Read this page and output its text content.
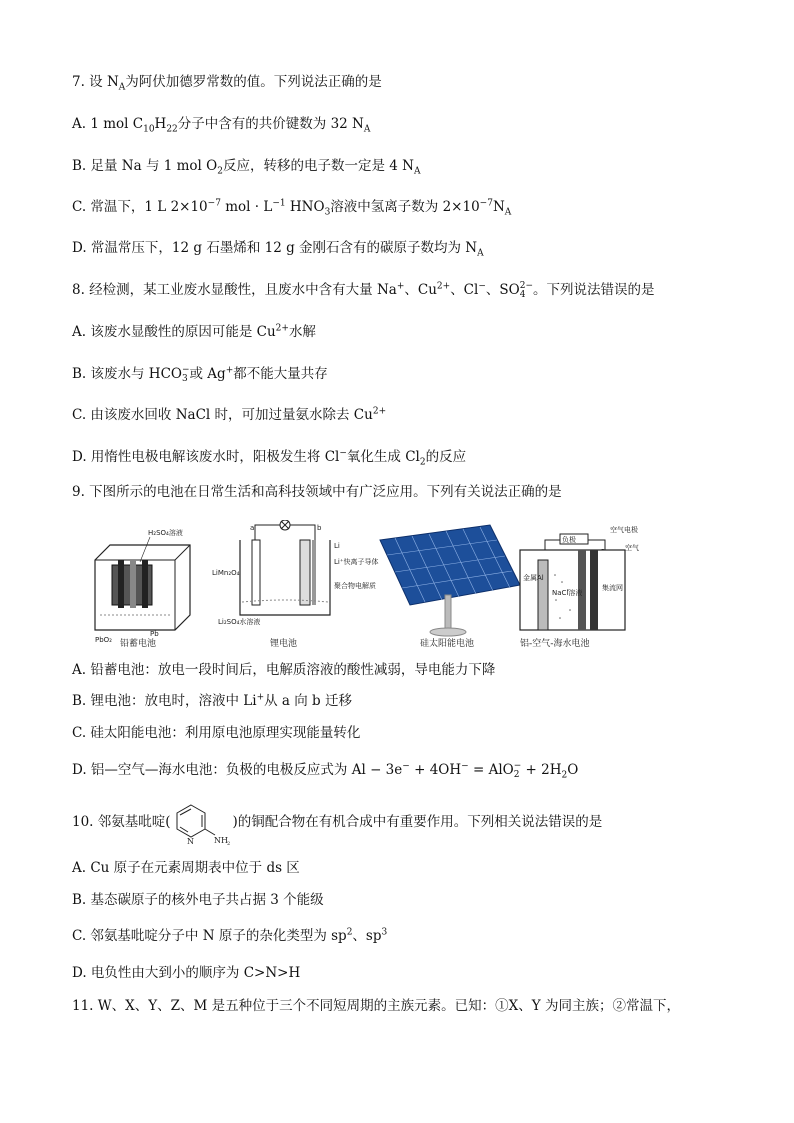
7. 设 $N_A$为阿伏加德罗常数的值。下列说法正确的是
A. 1 mol $C_{10}H_{22}$分子中含有的共价键数为 32 $N_A$
B. 足量 Na 与 1 mol $O_2$反应，转移的电子数一定是 4 $N_A$
C. 常温下，1 L $2\times 10^{-7}$ mol · $L^{-1}$ $HNO_3$溶液中氢离子数为 $2\times 10^{-7}N_A$
D. 常温常压下，12 g 石墨烯和 12 g 金刚石含有的碳原子数均为 $N_A$
8. 经检测，某工业废水显酸性，且废水中含有大量 Na+、$Cu^{2+}$、Cl−、SO 2−
4 。下列说法错误的是
A. 该废水显酸性的原因可能是 $Cu^{2+}$水解
B. 该废水与 HCO −
3 或 Ag+都不能大量共存
C. 由该废水回收 NaCl 时，可加过量氨水除去 $Cu^{2+}$
D. 用惰性电极电解该废水时，阳极发生将 Cl−氧化生成 $Cl_2$的反应
9. 下图所示的电池在日常生活和高科技领域中有广泛应用。下列有关说法正确的是
H₂SO₄溶液
PbO₂
Pb
a	b
LiMn₂O₄
Li
Li⁺快离子导体
聚合物电解质
Li₂SO₄水溶液
负极
空气电极
空气
金属Al
NaCl溶液
集流网
铅蓄电池	锂电池	硅太阳能电池	铝-空气-海水电池
A. 铅蓄电池：放电一段时间后，电解质溶液的酸性减弱，导电能力下降
B. 锂电池：放电时，溶液中 Li+从 a 向 b 迁移
C. 硅太阳能电池：利用原电池原理实现能量转化
D. 铝—空气—海水电池：负极的电极反应式为 Al − 3e− + 4OH− = AlO −
$2 + 2H_2O$
10. 邻氨基吡啶(
N	NH 2
)的铜配合物在有机合成中有重要作用。下列相关说法错误的是
A. Cu 原子在元素周期表中位于 ds 区
B. 基态碳原子的核外电子共占据 3 个能级
C. 邻氨基吡啶分子中 N 原子的杂化类型为 $sp^2$、$sp^3$
D. 电负性由大到小的顺序为 C>N>H
11. W、X、Y、Z、M 是五种位于三个不同短周期的主族元素。已知：①X、Y 为同主族；②常温下，
